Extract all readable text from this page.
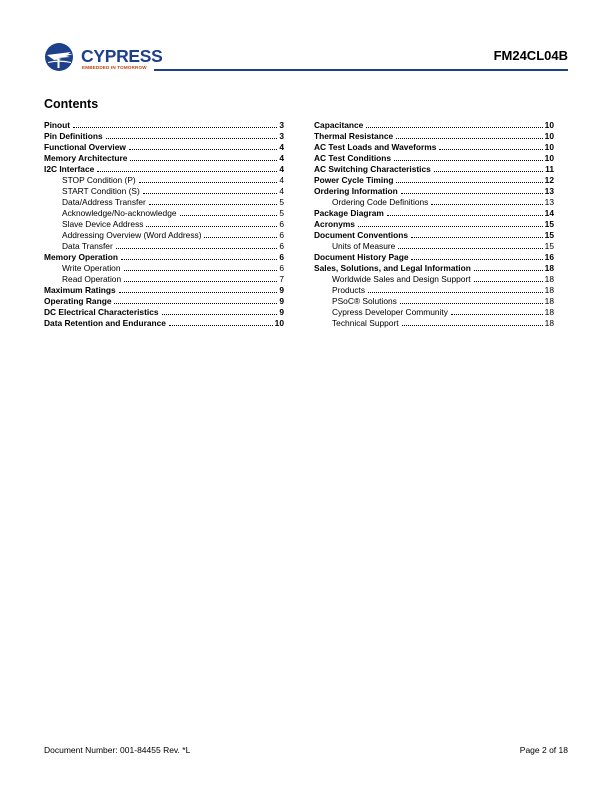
CYPRESS
EMBEDDED IN TOMORROW
FM24CL04B
Contents
Pinout	3
Pin Definitions	3
Functional Overview	4
Memory Architecture	4
I2C Interface	4
STOP Condition (P)	4
START Condition (S)	4
Data/Address Transfer	5
Acknowledge/No-acknowledge	5
Slave Device Address	6
Addressing Overview (Word Address)	6
Data Transfer	6
Memory Operation	6
Write Operation	6
Read Operation	7
Maximum Ratings	9
Operating Range	9
DC Electrical Characteristics	9
Data Retention and Endurance	10
Capacitance	10
Thermal Resistance	10
AC Test Loads and Waveforms	10
AC Test Conditions	10
AC Switching Characteristics	11
Power Cycle Timing	12
Ordering Information	13
Ordering Code Definitions	13
Package Diagram	14
Acronyms	15
Document Conventions	15
Units of Measure	15
Document History Page	16
Sales, Solutions, and Legal Information	18
Worldwide Sales and Design Support	18
Products	18
PSoC® Solutions	18
Cypress Developer Community	18
Technical Support	18
Document Number: 001-84455 Rev. *L	Page 2 of 18
